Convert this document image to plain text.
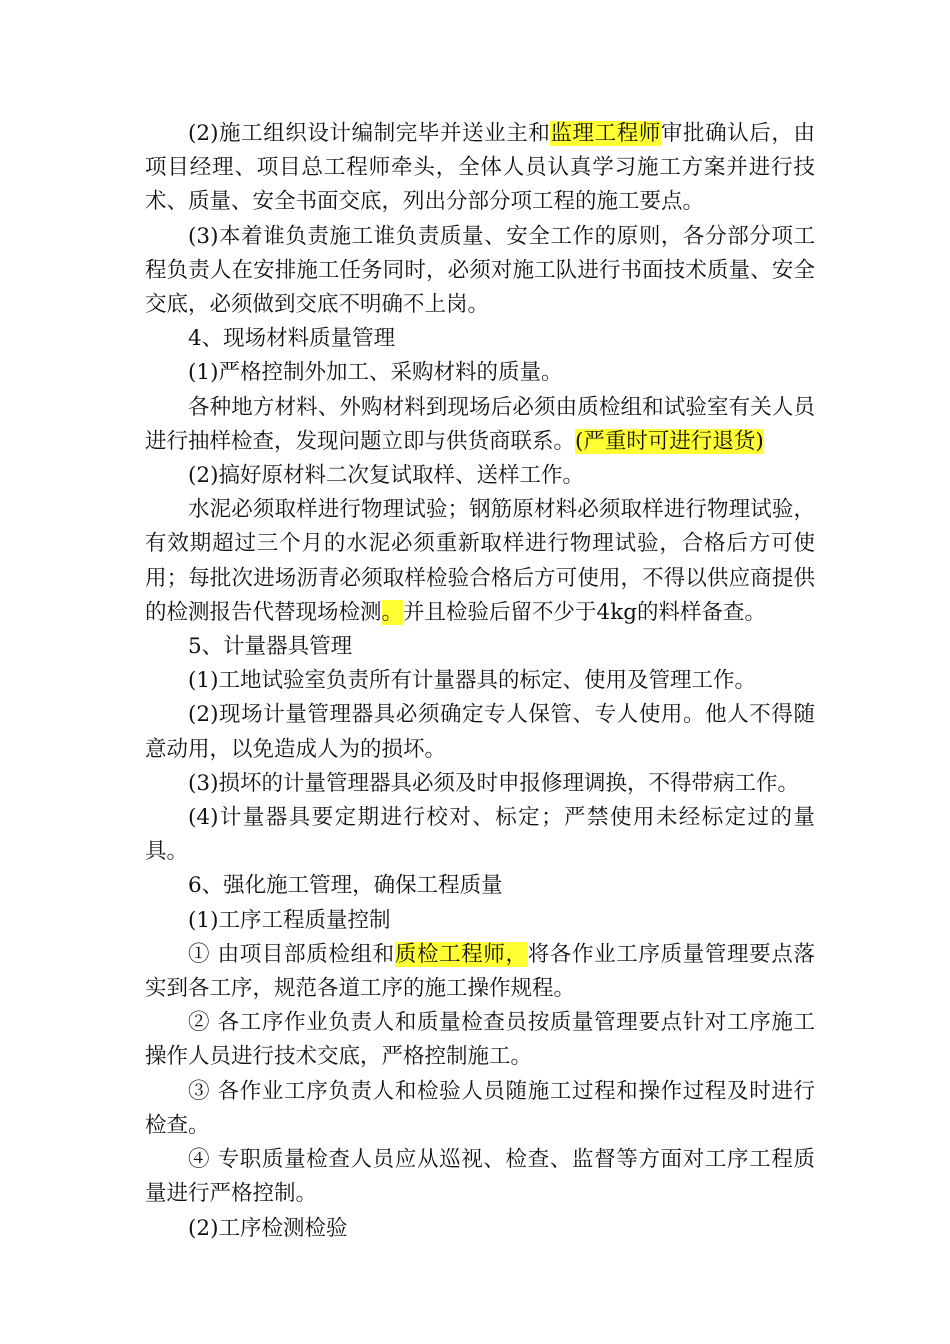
(2)施工组织设计编制完毕并送业主和监理工程师审批确认后，由项目经理、项目总工程师牵头，全体人员认真学习施工方案并进行技术、质量、安全书面交底，列出分部分项工程的施工要点。

(3)本着谁负责施工谁负责质量、安全工作的原则，各分部分项工程负责人在安排施工任务同时，必须对施工队进行书面技术质量、安全交底，必须做到交底不明确不上岗。

4、现场材料质量管理

(1)严格控制外加工、采购材料的质量。

各种地方材料、外购材料到现场后必须由质检组和试验室有关人员进行抽样检查，发现问题立即与供货商联系。(严重时可进行退货)

(2)搞好原材料二次复试取样、送样工作。

水泥必须取样进行物理试验；钢筋原材料必须取样进行物理试验，有效期超过三个月的水泥必须重新取样进行物理试验，合格后方可使用；每批次进场沥青必须取样检验合格后方可使用，不得以供应商提供的检测报告代替现场检测。并且检验后留不少于4kg的料样备查。

5、计量器具管理

(1)工地试验室负责所有计量器具的标定、使用及管理工作。

(2)现场计量管理器具必须确定专人保管、专人使用。他人不得随意动用，以免造成人为的损坏。

(3)损坏的计量管理器具必须及时申报修理调换，不得带病工作。

(4)计量器具要定期进行校对、标定；严禁使用未经标定过的量具。

6、强化施工管理，确保工程质量

(1)工序工程质量控制

① 由项目部质检组和质检工程师，将各作业工序质量管理要点落实到各工序，规范各道工序的施工操作规程。

② 各工序作业负责人和质量检查员按质量管理要点针对工序施工操作人员进行技术交底，严格控制施工。

③ 各作业工序负责人和检验人员随施工过程和操作过程及时进行检查。

④ 专职质量检查人员应从巡视、检查、监督等方面对工序工程质量进行严格控制。

(2)工序检测检验
